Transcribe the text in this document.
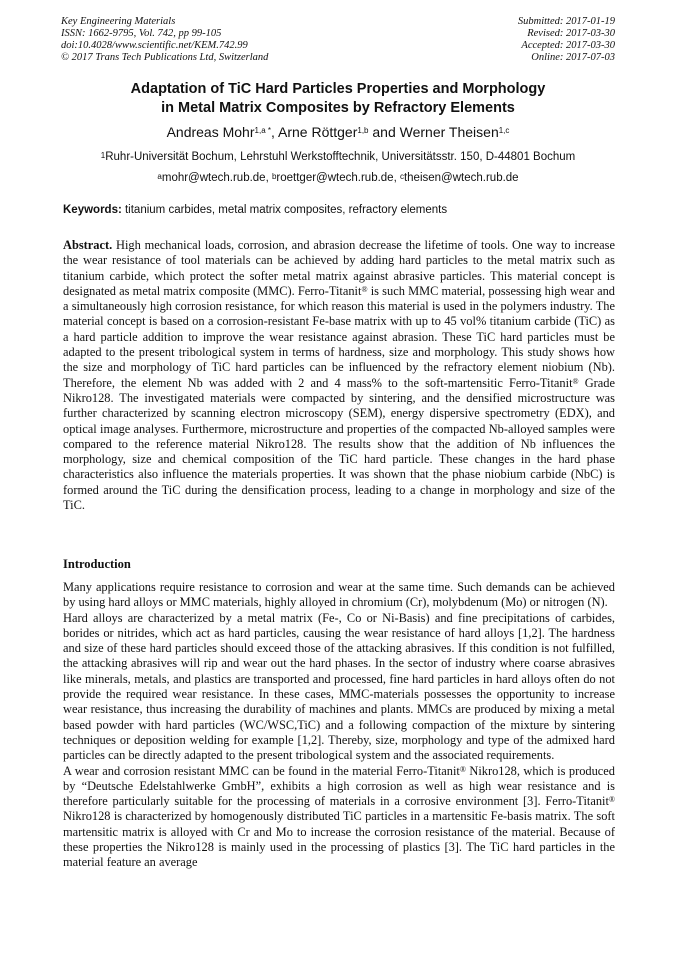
Key Engineering Materials
ISSN: 1662-9795, Vol. 742, pp 99-105
doi:10.4028/www.scientific.net/KEM.742.99
© 2017 Trans Tech Publications Ltd, Switzerland
Submitted: 2017-01-19
Revised: 2017-03-30
Accepted: 2017-03-30
Online: 2017-07-03
Adaptation of TiC Hard Particles Properties and Morphology
in Metal Matrix Composites by Refractory Elements
Andreas Mohr$^{1,a *}$, Arne Röttger$^{1,b}$ and Werner Theisen$^{1,c}$
$^1$Ruhr-Universität Bochum, Lehrstuhl Werkstofftechnik, Universitätsstr. 150, D-44801 Bochum
$^a$mohr@wtech.rub.de, $^b$roettger@wtech.rub.de, $^c$theisen@wtech.rub.de
Keywords: titanium carbides, metal matrix composites, refractory elements

Abstract. High mechanical loads, corrosion, and abrasion decrease the lifetime of tools. One way to increase the wear resistance of tool materials can be achieved by adding hard particles to the metal matrix such as titanium carbide, which protect the softer metal matrix against abrasive particles. This material concept is designated as metal matrix composite (MMC). Ferro-Titanit® is such MMC material, possessing high wear and a simultaneously high corrosion resistance, for which reason this material is used in the polymers industry. The material concept is based on a corrosion-resistant Fe-base matrix with up to 45 vol% titanium carbide (TiC) as a hard particle addition to improve the wear resistance against abrasion. These TiC hard particles must be adapted to the present tribological system in terms of hardness, size and morphology. This study shows how the size and morphology of TiC hard particles can be influenced by the refractory element niobium (Nb). Therefore, the element Nb was added with 2 and 4 mass% to the soft-martensitic Ferro-Titanit® Grade Nikro128. The investigated materials were compacted by sintering, and the densified microstructure was further characterized by scanning electron microscopy (SEM), energy dispersive spectrometry (EDX), and optical image analyses. Furthermore, microstructure and properties of the compacted Nb-alloyed samples were compared to the reference material Nikro128. The results show that the addition of Nb influences the morphology, size and chemical composition of the TiC hard particle. These changes in the hard phase characteristics also influence the materials properties. It was shown that the phase niobium carbide (NbC) is formed around the TiC during the densification process, leading to a change in morphology and size of the TiC.

Introduction

Many applications require resistance to corrosion and wear at the same time. Such demands can be achieved by using hard alloys or MMC materials, highly alloyed in chromium (Cr), molybdenum (Mo) or nitrogen (N).

Hard alloys are characterized by a metal matrix (Fe-, Co or Ni-Basis) and fine precipitations of carbides, borides or nitrides, which act as hard particles, causing the wear resistance of hard alloys [1,2]. The hardness and size of these hard particles should exceed those of the attacking abrasives. If this condition is not fulfilled, the attacking abrasives will rip and wear out the hard phases. In the sector of industry where coarse abrasives like minerals, metals, and plastics are transported and processed, fine hard particles in hard alloys often do not provide the required wear resistance. In these cases, MMC-materials possesses the opportunity to increase wear resistance, thus increasing the durability of machines and plants. MMCs are produced by mixing a metal based powder with hard particles (WC/WSC,TiC) and a following compaction of the mixture by sintering techniques or deposition welding for example [1,2]. Thereby, size, morphology and type of the admixed hard particles can be directly adapted to the present tribological system and the associated requirements.

A wear and corrosion resistant MMC can be found in the material Ferro-Titanit® Nikro128, which is produced by “Deutsche Edelstahlwerke GmbH”, exhibits a high corrosion as well as high wear resistance and is therefore particularly suitable for the processing of materials in a corrosive environment [3]. Ferro-Titanit® Nikro128 is characterized by homogenously distributed TiC particles in a martensitic Fe-basis matrix. The soft martensitic matrix is alloyed with Cr and Mo to increase the corrosion resistance of the material. Because of these properties the Nikro128 is mainly used in the processing of plastics [3]. The TiC hard particles in the material feature an average
